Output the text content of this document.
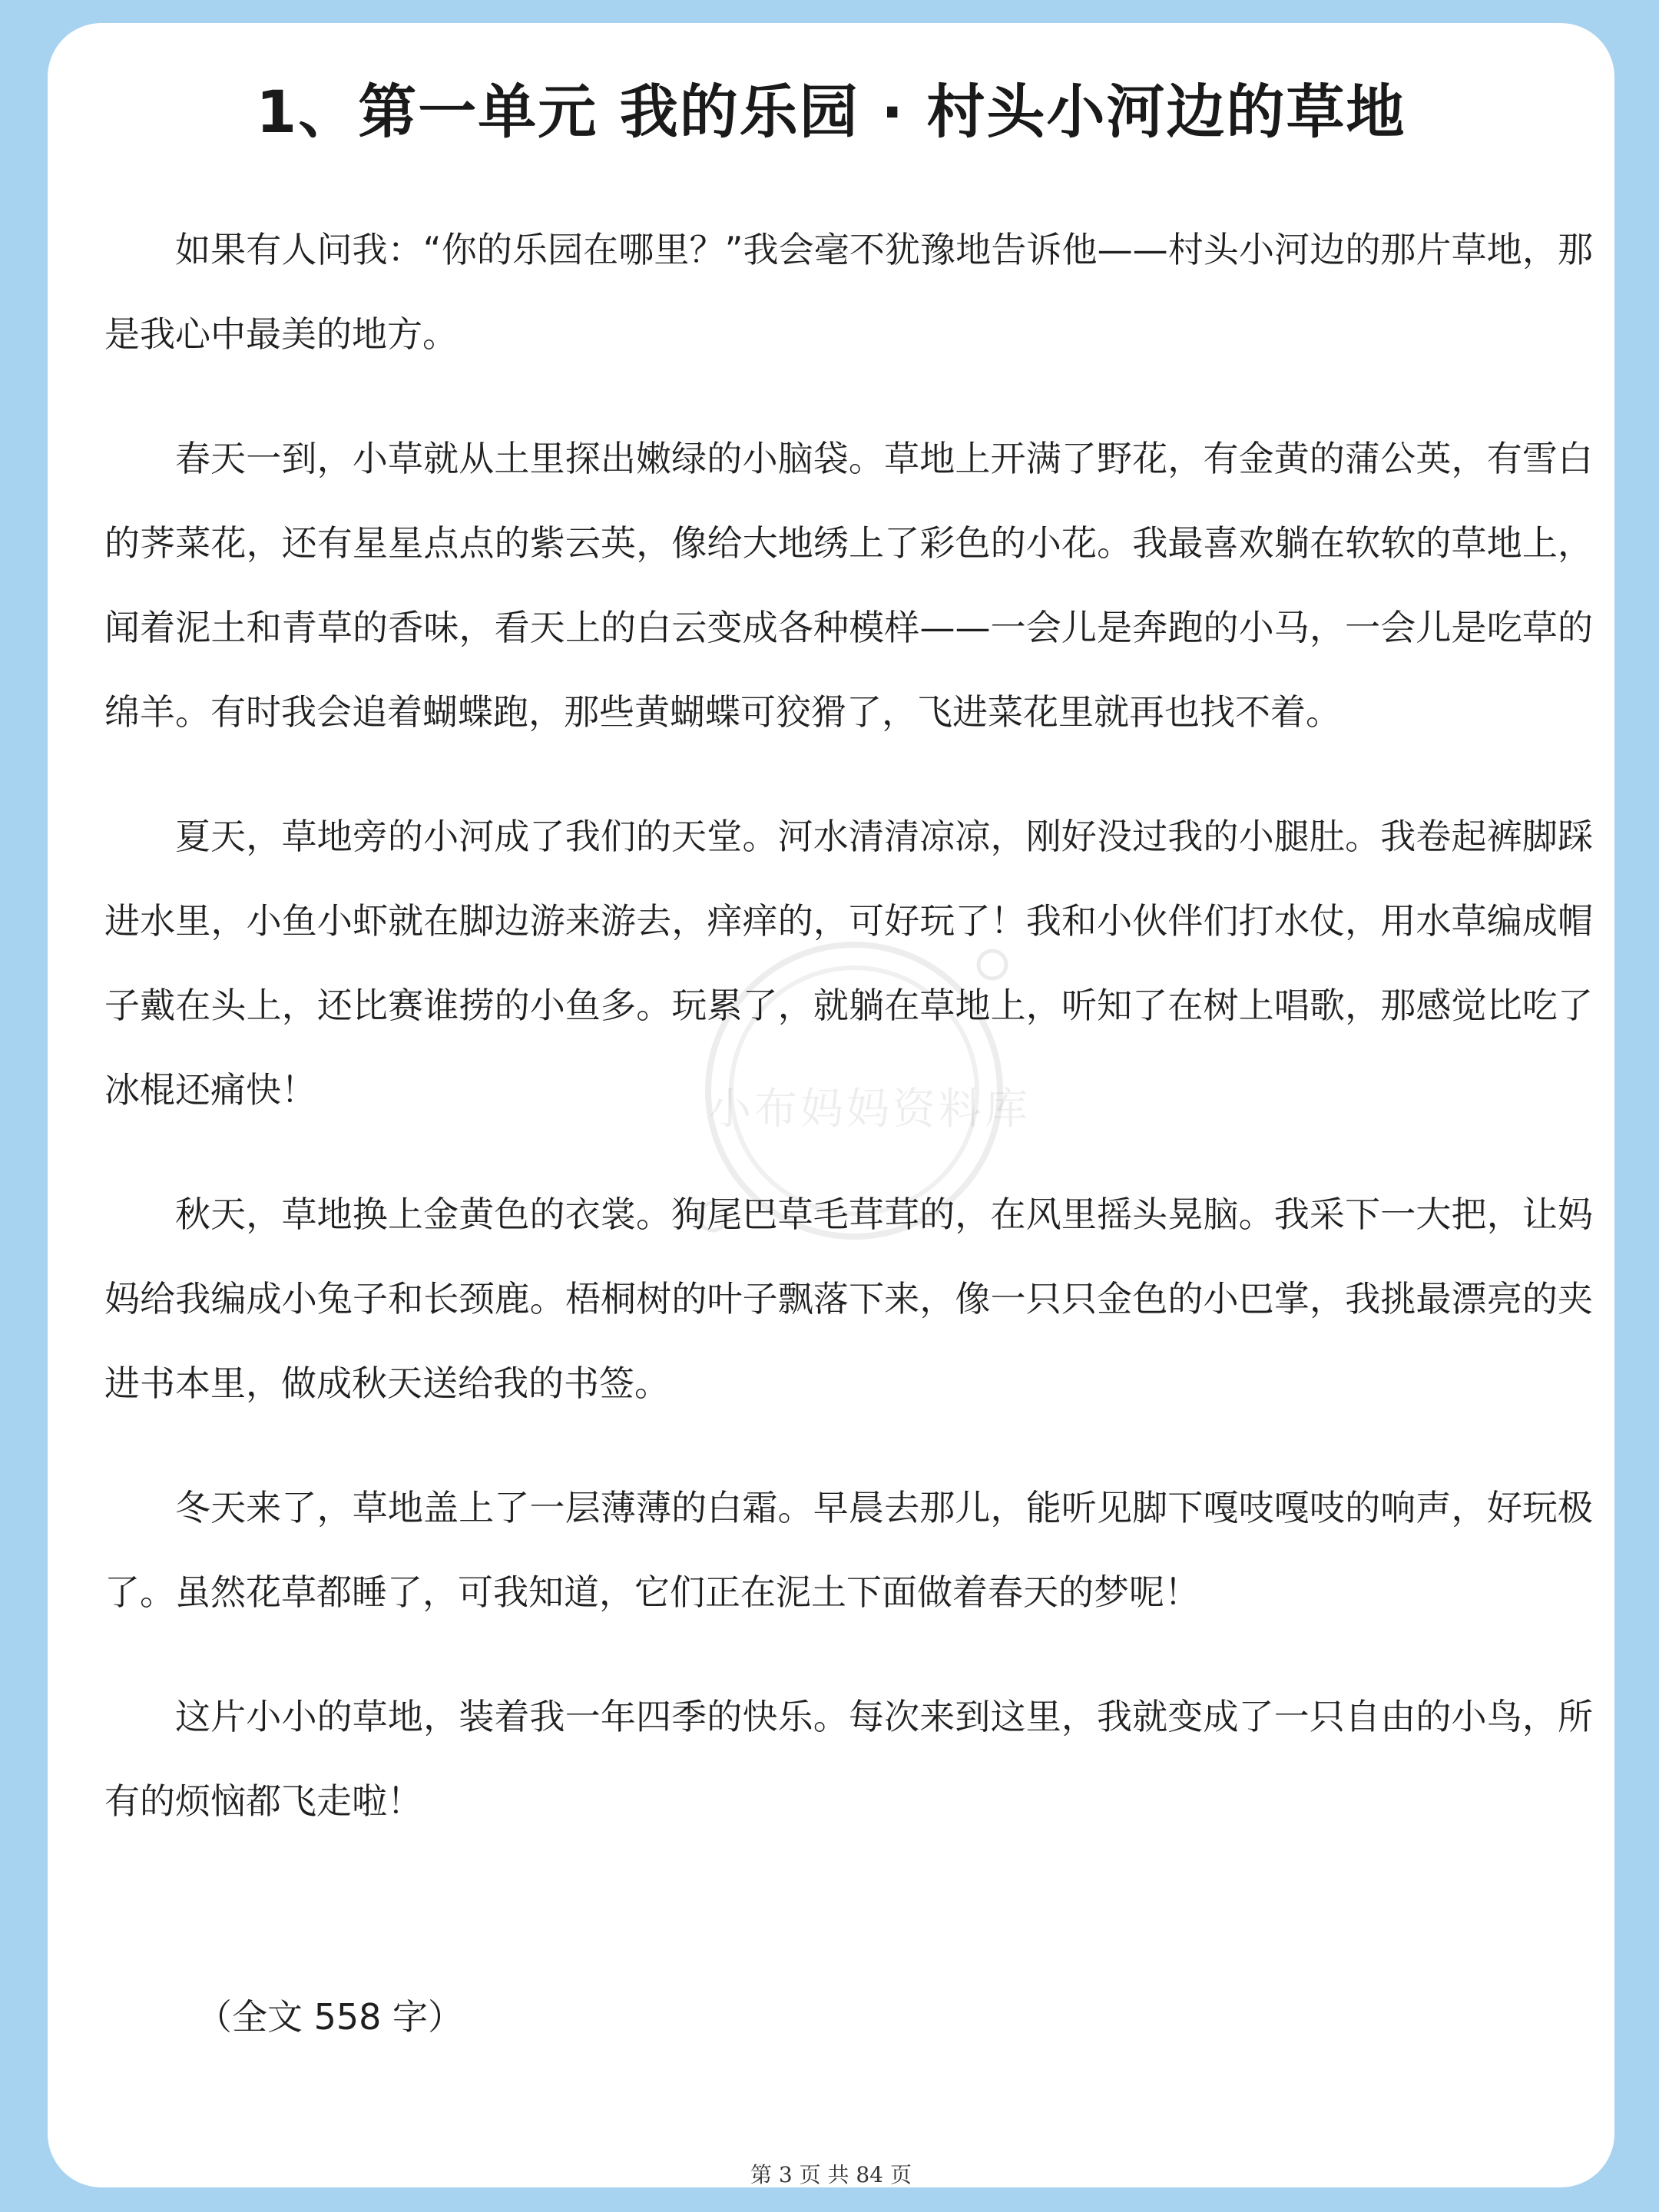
1、第一单元 我的乐园 · 村头小河边的草地

如果有人问我：“你的乐园在哪里？”我会毫不犹豫地告诉他——村头小河边的那片草地，那是我心中最美的地方。

春天一到，小草就从土里探出嫩绿的小脑袋。草地上开满了野花，有金黄的蒲公英，有雪白的荠菜花，还有星星点点的紫云英，像给大地绣上了彩色的小花。我最喜欢躺在软软的草地上，闻着泥土和青草的香味，看天上的白云变成各种模样——一会儿是奔跑的小马，一会儿是吃草的绵羊。有时我会追着蝴蝶跑，那些黄蝴蝶可狡猾了，飞进菜花里就再也找不着。

夏天，草地旁的小河成了我们的天堂。河水清清凉凉，刚好没过我的小腿肚。我卷起裤脚踩进水里，小鱼小虾就在脚边游来游去，痒痒的，可好玩了！我和小伙伴们打水仗，用水草编成帽子戴在头上，还比赛谁捞的小鱼多。玩累了，就躺在草地上，听知了在树上唱歌，那感觉比吃了冰棍还痛快！

秋天，草地换上金黄色的衣裳。狗尾巴草毛茸茸的，在风里摇头晃脑。我采下一大把，让妈妈给我编成小兔子和长颈鹿。梧桐树的叶子飘落下来，像一只只金色的小巴掌，我挑最漂亮的夹进书本里，做成秋天送给我的书签。

冬天来了，草地盖上了一层薄薄的白霜。早晨去那儿，能听见脚下嘎吱嘎吱的响声，好玩极了。虽然花草都睡了，可我知道，它们正在泥土下面做着春天的梦呢！

这片小小的草地，装着我一年四季的快乐。每次来到这里，我就变成了一只自由的小鸟，所有的烦恼都飞走啦！

（全文 558 字）
小布妈妈资料库
第 3 页 共 84 页
